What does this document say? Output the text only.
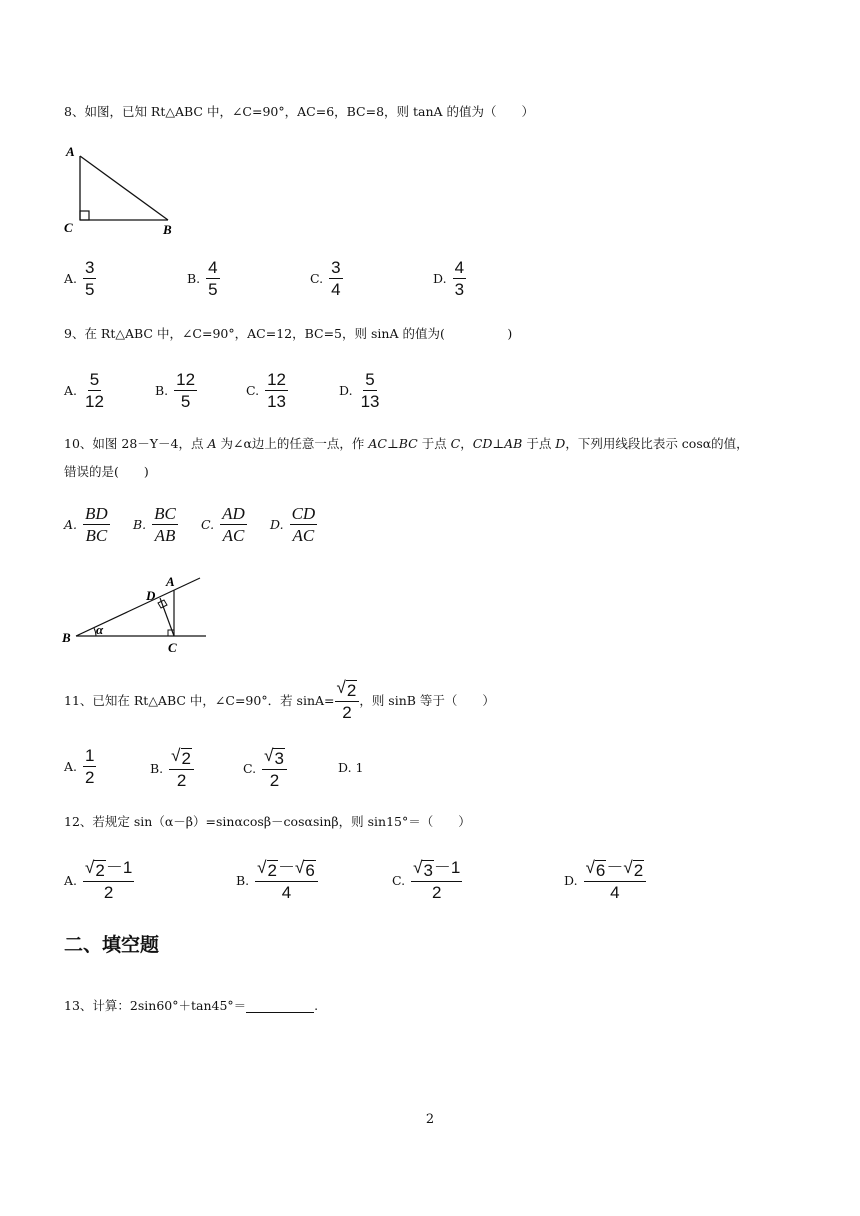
8、如图，已知 Rt△ABC 中，∠C=90°，AC=6，BC=8，则 tanA 的值为（　　）
A
C	B
A. $\frac{3}{5}$	B. $\frac{4}{5}$	C. $\frac{3}{4}$	D. $\frac{4}{3}$
9、在 Rt△ABC 中，∠C=90°，AC=12，BC=5，则 sinA 的值为(　　　　　)
A. $\frac{5}{12}$	B. $\frac{12}{5}$	C. $\frac{12}{13}$	D. $\frac{5}{13}$
10、如图 28－Y－4，点 A 为∠α边上的任意一点，作 AC⊥BC 于点 C，CD⊥AB 于点 D，下列用线段比表示 cosα的值，
错误的是(　　)
A. $\frac{BD}{BC} B$. $\frac{BC}{AB} C$. $\frac{AD}{AC} D$. $\frac{CD}{AC}$
B
C
D
A
α
11、已知在 Rt△ABC 中，∠C=90°．若 $\sin A= \frac{√ 2}{2}$ ，则 sinB 等于（　　）
A. $\frac{1}{2}$	B. $\frac{√ 2}{2}$	C. $\frac{√ 3}{2}$	D.
1
12、若规定 sin（α－β）=sinαcosβ－cosαsinβ，则 sin15°＝（　　）
A. $\frac{√ 2 -1}{2}$	B. $\frac{√ 2 - √ 6}{4}$	C. $\frac{√ 3 -1}{2}$	D. $\frac{√ 6 - √ 2}{4}$
二、填空题
13、计算：2sin60°＋tan45°＝	.
2
